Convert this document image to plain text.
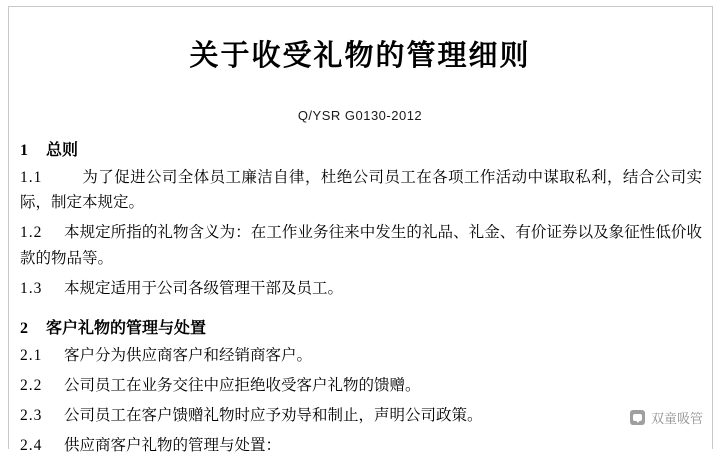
关于收受礼物的管理细则
Q/YSR G0130-2012
1 总则

1.1	为了促进公司全体员工廉洁自律，杜绝公司员工在各项工作活动中谋取私利，结合公司实际，制定本规定。

1.2 本规定所指的礼物含义为：在工作业务往来中发生的礼品、礼金、有价证券以及象征性低价收款的物品等。

1.3 本规定适用于公司各级管理干部及员工。

2 客户礼物的管理与处置

2.1 客户分为供应商客户和经销商客户。

2.2 公司员工在业务交往中应拒绝收受客户礼物的馈赠。

2.3 公司员工在客户馈赠礼物时应予劝导和制止，声明公司政策。

2.4 供应商客户礼物的管理与处置：

双童吸管
